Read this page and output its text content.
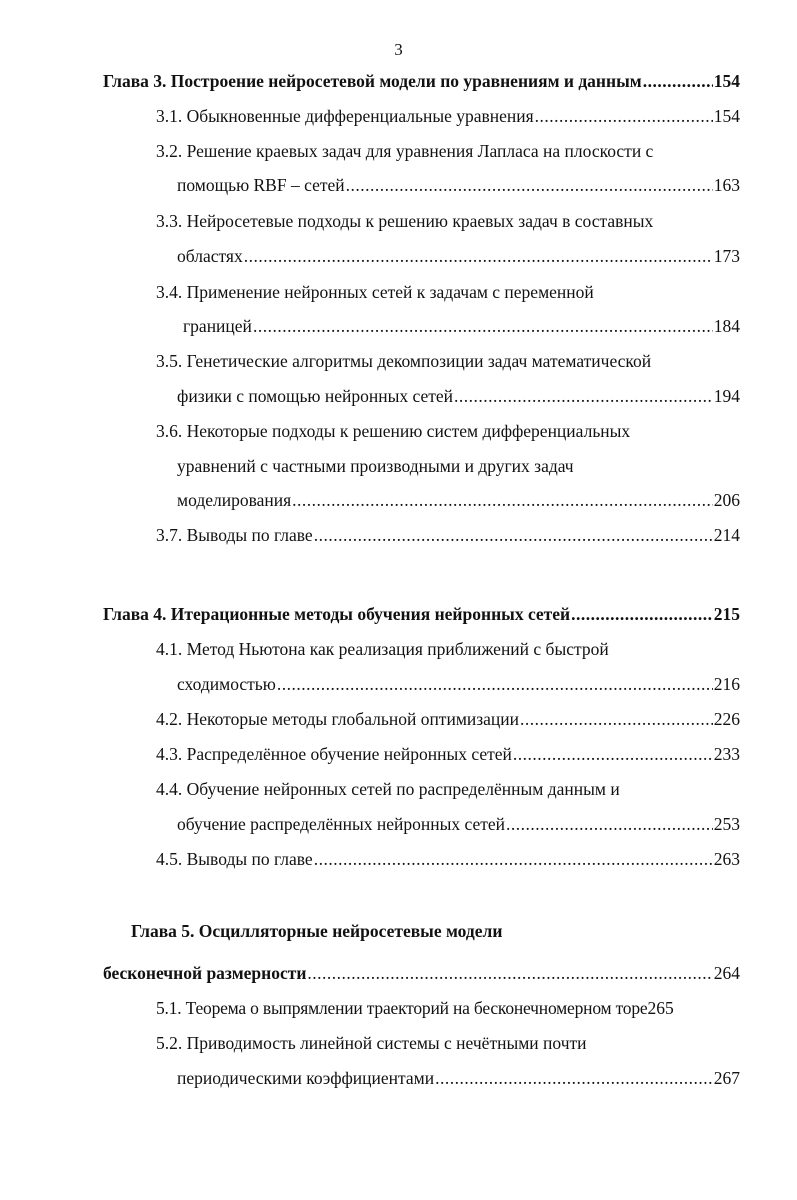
3
Глава 3. Построение нейросетевой модели по уравнениям и данным .....	154
3.1. Обыкновенные дифференциальные уравнения .....	154
3.2. Решение краевых задач для уравнения Лапласа на плоскости с
помощью RBF – сетей .....	163
3.3. Нейросетевые подходы к решению краевых задач в составных
областях .....	173
3.4. Применение нейронных сетей к задачам с переменной
границей .....	184
3.5. Генетические алгоритмы декомпозиции задач математической
физики с помощью нейронных сетей .....	194
3.6. Некоторые подходы к решению систем дифференциальных
уравнений с частными производными и других задач
моделирования .....	206
3.7. Выводы по главе .....	214
Глава 4. Итерационные методы обучения нейронных сетей .....	215
4.1. Метод Ньютона как реализация приближений с быстрой
сходимостью .....	216
4.2. Некоторые методы глобальной оптимизации .....	226
4.3. Распределённое обучение нейронных сетей .....	233
4.4. Обучение нейронных сетей по распределённым данным и
обучение распределённых нейронных сетей .....	253
4.5. Выводы по главе .....	263
Глава 5. Осцилляторные нейросетевые модели
бесконечной размерности .....	264
5.1. Теорема о выпрямлении траекторий на бесконечномерном торе 265
5.2. Приводимость линейной системы с нечётными почти
периодическими коэффициентами .....	267
